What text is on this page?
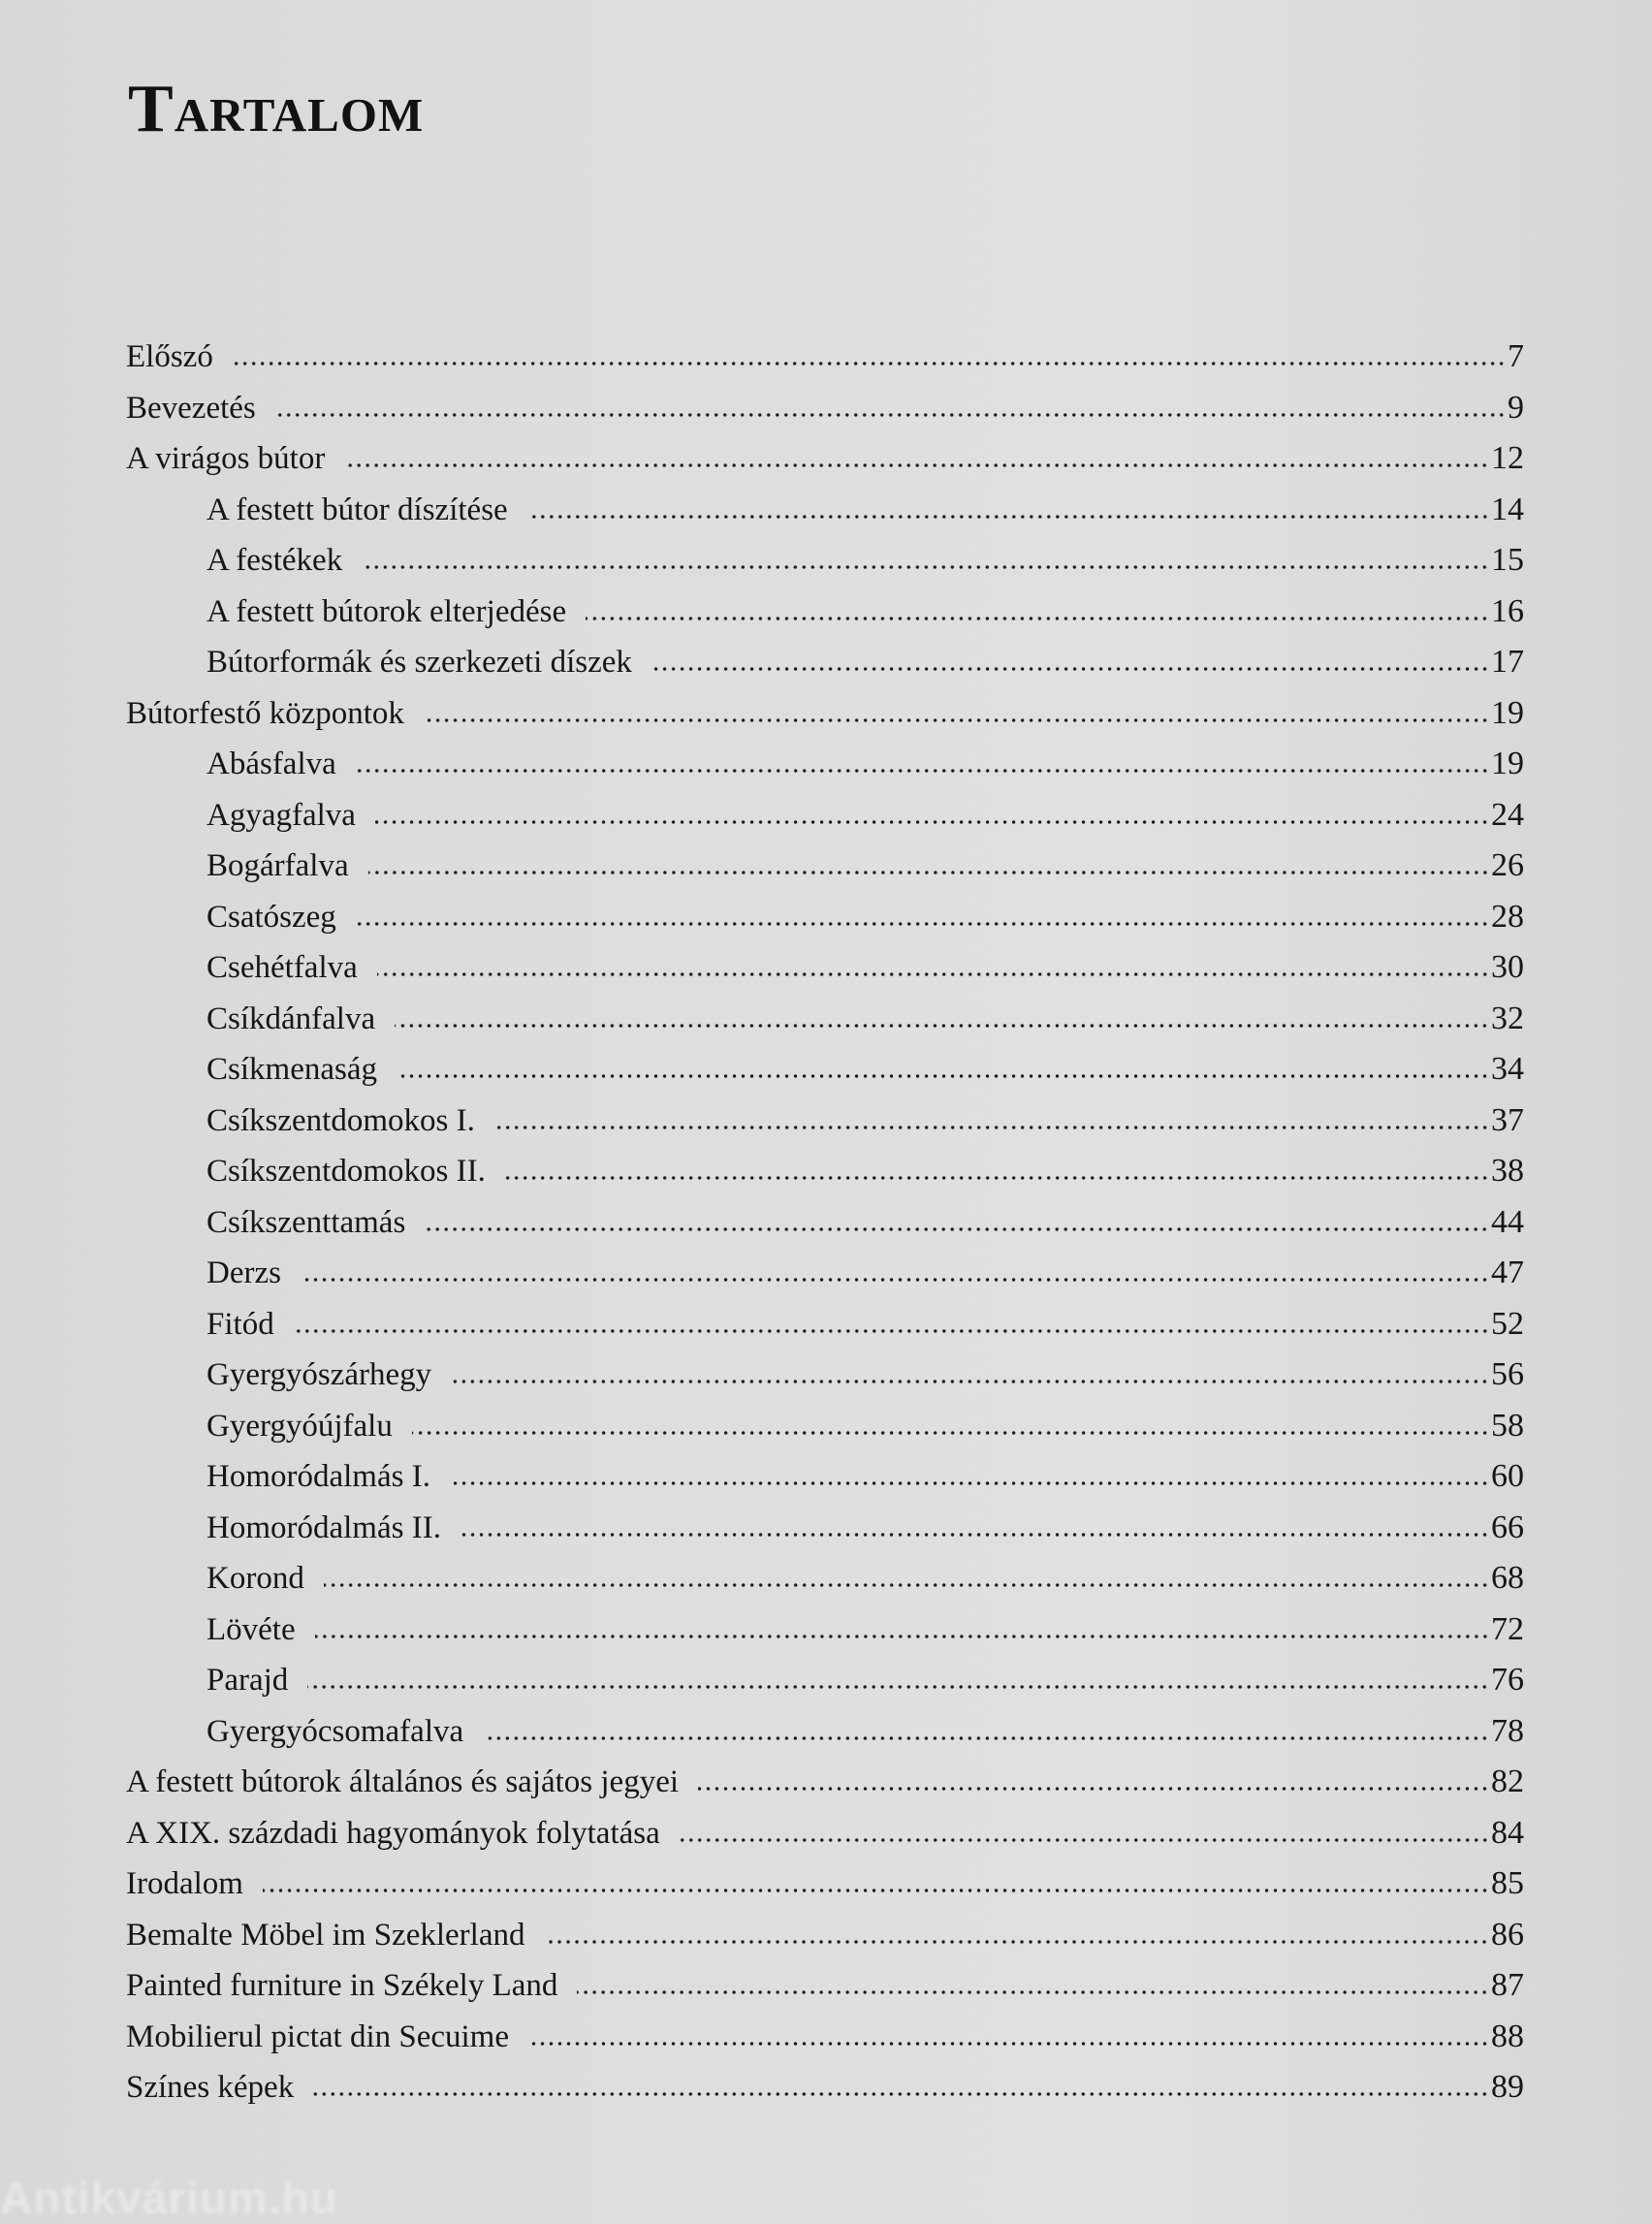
Tartalom
Előszó	7
Bevezetés	9
A virágos bútor	12
A festett bútor díszítése	14
A festékek	15
A festett bútorok elterjedése	16
Bútorformák és szerkezeti díszek	17
Bútorfestő központok	19
Abásfalva	19
Agyagfalva	24
Bogárfalva	26
Csatószeg	28
Csehétfalva	30
Csíkdánfalva	32
Csíkmenaság	34
Csíkszentdomokos I.	37
Csíkszentdomokos II.	38
Csíkszenttamás	44
Derzs	47
Fitód	52
Gyergyószárhegy	56
Gyergyóújfalu	58
Homoródalmás I.	60
Homoródalmás II.	66
Korond	68
Lövéte	72
Parajd	76
Gyergyócsomafalva	78
A festett bútorok általános és sajátos jegyei	82
A XIX. százdadi hagyományok folytatása	84
Irodalom	85
Bemalte Möbel im Szeklerland	86
Painted furniture in Székely Land	87
Mobilierul pictat din Secuime	88
Színes képek	89
Antikvárium.hu
